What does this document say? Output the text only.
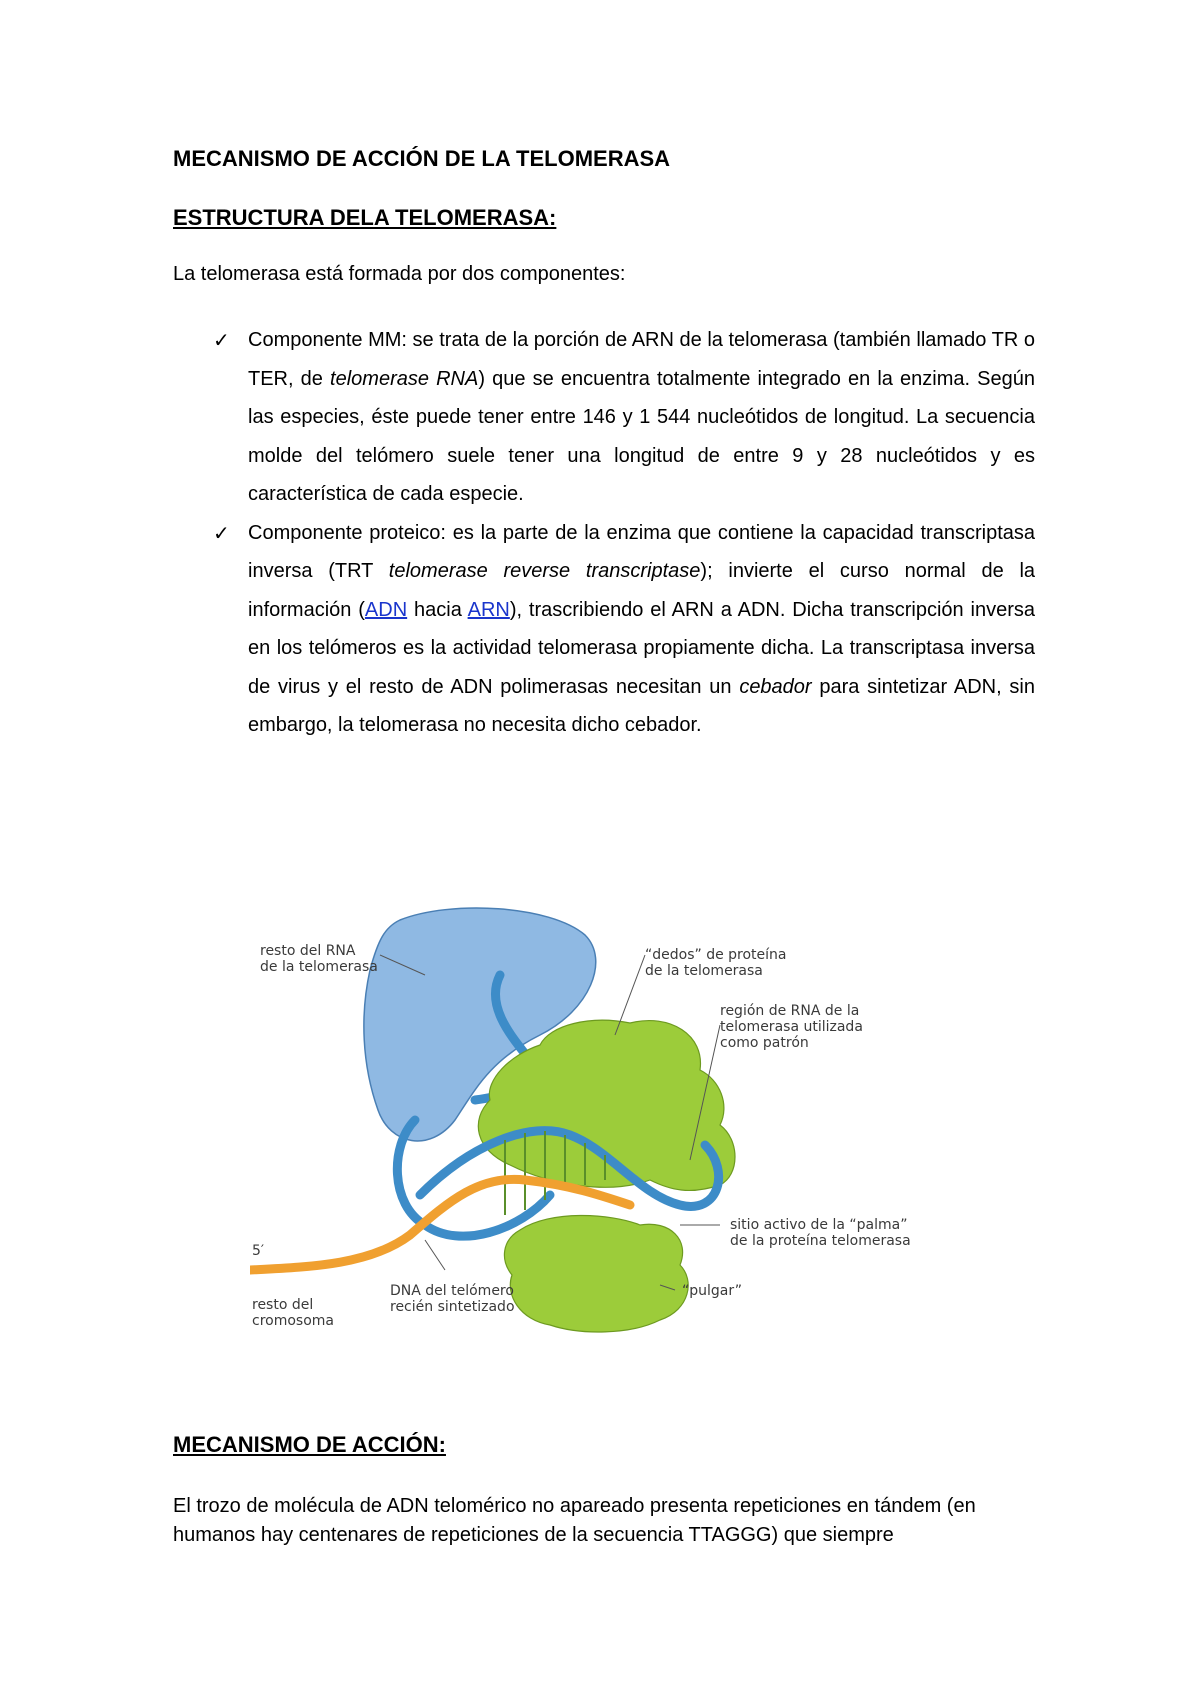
MECANISMO DE ACCIÓN DE LA TELOMERASA
ESTRUCTURA DELA TELOMERASA:

La telomerasa está formada por dos componentes:

✓ Componente MM: se trata de la porción de ARN de la telomerasa (también llamado TR o TER, de telomerase RNA) que se encuentra totalmente integrado en la enzima. Según las especies, éste puede tener entre 146 y 1 544 nucleótidos de longitud. La secuencia molde del telómero suele tener una longitud de entre 9 y 28 nucleótidos y es característica de cada especie.
✓ Componente proteico: es la parte de la enzima que contiene la capacidad transcriptasa inversa (TRT telomerase reverse transcriptase); invierte el curso normal de la información (ADN hacia ARN), trascribiendo el ARN a ADN. Dicha transcripción inversa en los telómeros es la actividad telomerasa propiamente dicha. La transcriptasa inversa de virus y el resto de ADN polimerasas necesitan un cebador para sintetizar ADN, sin embargo, la telomerasa no necesita dicho cebador.
resto del RNA
de la telomerasa
“dedos” de proteína
de la telomerasa
región de RNA de la
telomerasa utilizada
como patrón
sitio activo de la “palma”
de la proteína telomerasa
5′
resto del
cromosoma
DNA del telómero
recién sintetizado
“pulgar”
MECANISMO DE ACCIÓN:

El trozo de molécula de ADN telomérico no apareado presenta repeticiones en tándem (en humanos hay centenares de repeticiones de la secuencia TTAGGG) que siempre
